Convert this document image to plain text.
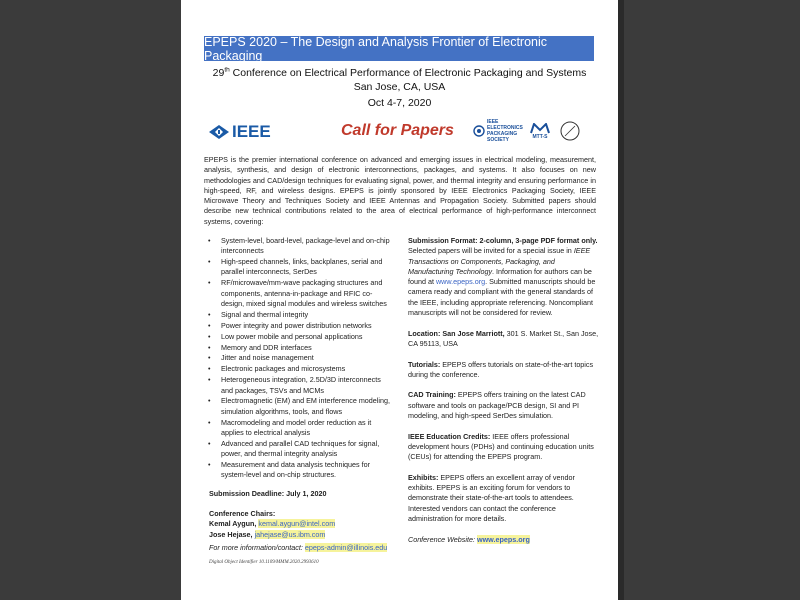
EPEPS 2020 – The Design and Analysis Frontier of Electronic Packaging
29th Conference on Electrical Performance of Electronic Packaging and Systems
San Jose, CA, USA
Oct 4-7, 2020
IEEE	Call for Papers	IEEE ELECTRONICS PACKAGING SOCIETY
MTT-S
EPEPS is the premier international conference on advanced and emerging issues in electrical modeling, measurement, analysis, synthesis, and design of electronic interconnections, packages, and systems. It also focuses on new methodologies and CAD/design techniques for evaluating signal, power, and thermal integrity and ensuring performance in high-speed, RF, and wireless designs. EPEPS is jointly sponsored by IEEE Electronics Packaging Society, IEEE Microwave Theory and Techniques Society and IEEE Antennas and Propagation Society. Submitted papers should describe new technical contributions related to the area of electrical performance of high-performance interconnect systems, covering:
• System-level, board-level, package-level and on-chip interconnects
• High-speed channels, links, backplanes, serial and parallel interconnects, SerDes
• RF/microwave/mm-wave packaging structures and components, antenna-in-package and RFIC co-design, mixed signal modules and wireless switches
• Signal and thermal integrity
• Power integrity and power distribution networks
• Low power mobile and personal applications
• Memory and DDR interfaces
• Jitter and noise management
• Electronic packages and microsystems
• Heterogeneous integration, 2.5D/3D interconnects and packages, TSVs and MCMs
• Electromagnetic (EM) and EM interference modeling, simulation algorithms, tools, and flows
• Macromodeling and model order reduction as it applies to electrical analysis
• Advanced and parallel CAD techniques for signal, power, and thermal integrity analysis
• Measurement and data analysis techniques for system-level and on-chip structures.
Submission Deadline: July 1, 2020
Conference Chairs:
Kemal Aygun, kemal.aygun@intel.com
Jose Hejase, jahejase@us.ibm.com
For more information/contact: epeps-admin@illinois.edu
Digital Object Identifier 10.1109/MMM.2020.2993610

Submission Format: 2-column, 3-page PDF format only. Selected papers will be invited for a special issue in IEEE Transactions on Components, Packaging, and Manufacturing Technology. Information for authors can be found at www.epeps.org. Submitted manuscripts should be camera ready and compliant with the general standards of the IEEE, including appropriate referencing. Noncompliant manuscripts will not be considered for review.

Location: San Jose Marriott, 301 S. Market St., San Jose, CA 95113, USA

Tutorials: EPEPS offers tutorials on state-of-the-art topics during the conference.

CAD Training: EPEPS offers training on the latest CAD software and tools on package/PCB design, SI and PI modeling, and high-speed SerDes simulation.

IEEE Education Credits: IEEE offers professional development hours (PDHs) and continuing education units (CEUs) for attending the EPEPS program.

Exhibits: EPEPS offers an excellent array of vendor exhibits. EPEPS is an exciting forum for vendors to demonstrate their state-of-the-art tools to attendees. Interested vendors can contact the conference administration for more details.

Conference Website: www.epeps.org
